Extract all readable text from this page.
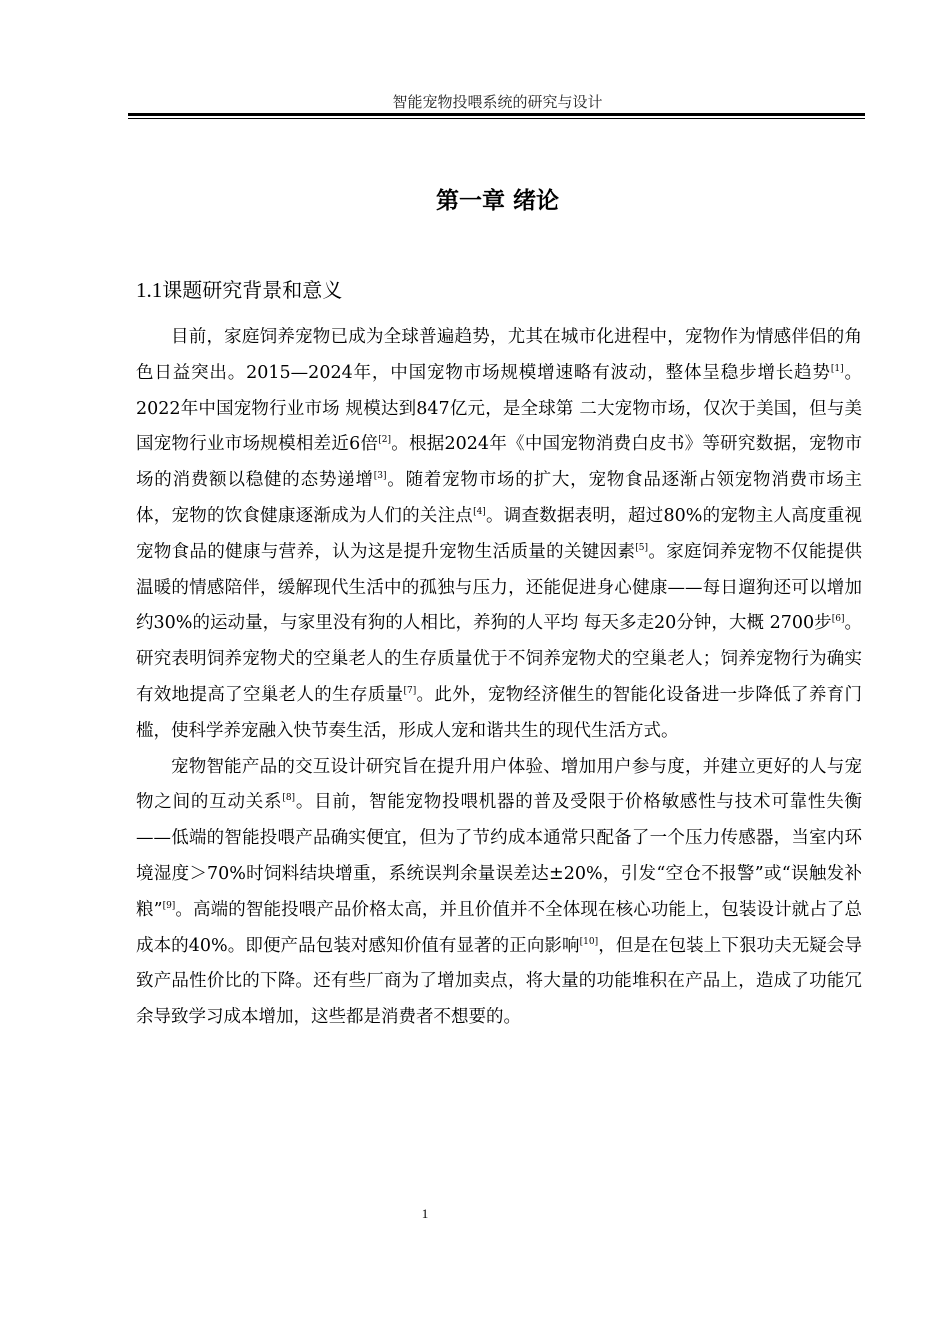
智能宠物投喂系统的研究与设计
第一章 绪论
1.1课题研究背景和意义

目前，家庭饲养宠物已成为全球普遍趋势，尤其在城市化进程中，宠物作为情感伴侣的角色日益突出。2015—2024年，中国宠物市场规模增速略有波动，整体呈稳步增长趋势[1]。2022年中国宠物行业市场 规模达到847亿元，是全球第 二大宠物市场，仅次于美国，但与美国宠物行业市场规模相差近6倍[2]。根据2024年《中国宠物消费白皮书》等研究数据，宠物市场的消费额以稳健的态势递增[3]。随着宠物市场的扩大，宠物食品逐渐占领宠物消费市场主体，宠物的饮食健康逐渐成为人们的关注点[4]。调查数据表明，超过80%的宠物主人高度重视宠物食品的健康与营养，认为这是提升宠物生活质量的关键因素[5]。家庭饲养宠物不仅能提供温暖的情感陪伴，缓解现代生活中的孤独与压力，还能促进身心健康——每日遛狗还可以增加约30%的运动量，与家里没有狗的人相比，养狗的人平均 每天多走20分钟，大概 2700步[6]。研究表明饲养宠物犬的空巢老人的生存质量优于不饲养宠物犬的空巢老人；饲养宠物行为确实有效地提高了空巢老人的生存质量[7]。此外，宠物经济催生的智能化设备进一步降低了养育门槛，使科学养宠融入快节奏生活，形成人宠和谐共生的现代生活方式。

宠物智能产品的交互设计研究旨在提升用户体验、增加用户参与度，并建立更好的人与宠物之间的互动关系[8]。目前，智能宠物投喂机器的普及受限于价格敏感性与技术可靠性失衡——低端的智能投喂产品确实便宜，但为了节约成本通常只配备了一个压力传感器，当室内环境湿度＞70%时饲料结块增重，系统误判余量误差达±20%，引发“空仓不报警”或“误触发补粮”[9]。高端的智能投喂产品价格太高，并且价值并不全体现在核心功能上，包装设计就占了总成本的40%。即便产品包装对感知价值有显著的正向影响[10]，但是在包装上下狠功夫无疑会导致产品性价比的下降。还有些厂商为了增加卖点，将大量的功能堆积在产品上，造成了功能冗余导致学习成本增加，这些都是消费者不想要的。

1
